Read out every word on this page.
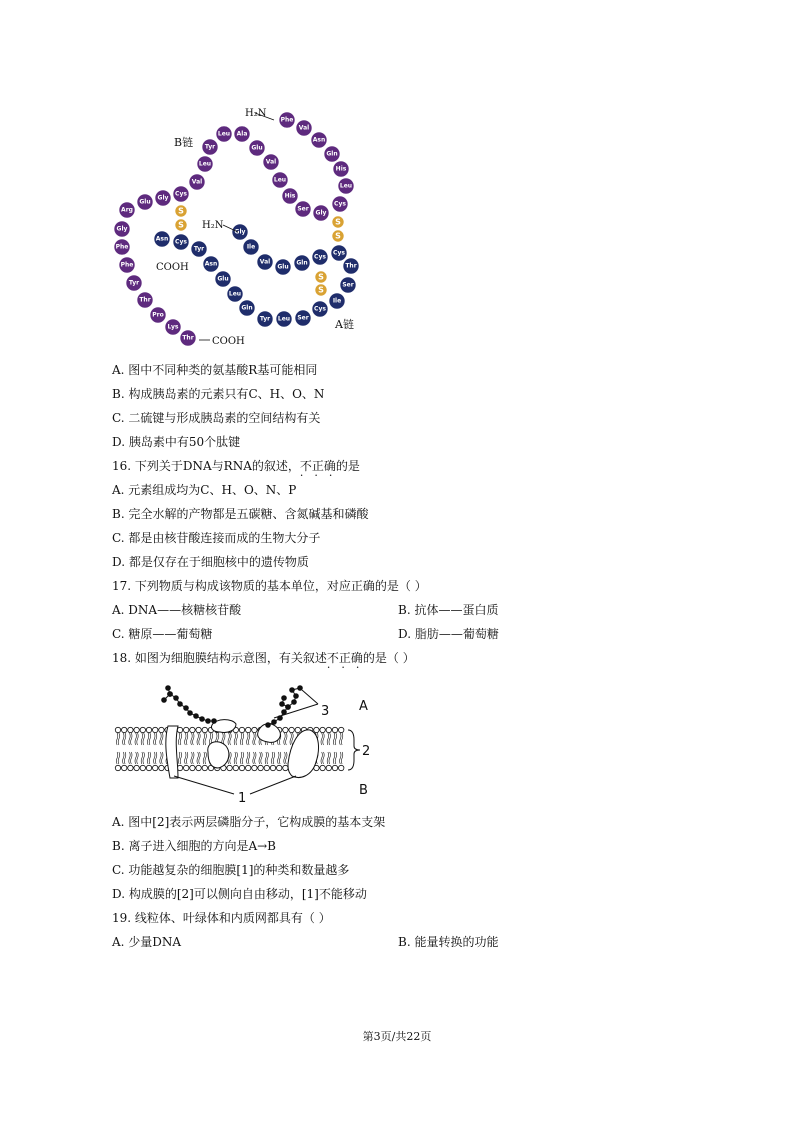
Phe
Val
Asn
Gln
His
Leu
Cys
Gly
Ser
His
Leu
Val
Glu
Ala
Leu
Tyr
Leu
Val
Cys
Gly
Glu
Arg
Gly
Phe
Phe
Tyr
Thr
Pro
Lys
Thr
Gly
Ile
Val
Glu
Gln
Cys
Cys
Thr
Ser
Ile
Cys
Ser
Leu
Tyr
Gln
Leu
Glu
Asn
Tyr
Cys
Asn
S
S	S
S
S
S
H₂N
H₂N
COOH
COOH
B链
A链
A. 图中不同种类的氨基酸R基可能相同
B. 构成胰岛素的元素只有C、H、O、N
C. 二硫键与形成胰岛素的空间结构有关
D. 胰岛素中有50个肽键
16. 下列关于DNA与RNA的叙述，不正确 · · ·的是
A. 元素组成均为C、H、O、N、P
B. 完全水解的产物都是五碳糖、含氮碱基和磷酸
C. 都是由核苷酸连接而成的生物大分子
D. 都是仅存在于细胞核中的遗传物质
17. 下列物质与构成该物质的基本单位，对应正确的是（ ）
A. DNA——核糖核苷酸	B. 抗体——蛋白质
C. 糖原——葡萄糖	D. 脂肪——葡萄糖
18. 如图为细胞膜结构示意图，有关叙述不正确 · · ·的是（ ）
2
3
1
A
B
A. 图中[2]表示两层磷脂分子，它构成膜的基本支架
B. 离子进入细胞的方向是A→B
C. 功能越复杂的细胞膜[1]的种类和数量越多
D. 构成膜的[2]可以侧向自由移动，[1]不能移动
19. 线粒体、叶绿体和内质网都具有（ ）
A. 少量DNA	B. 能量转换的功能
第3页/共22页
